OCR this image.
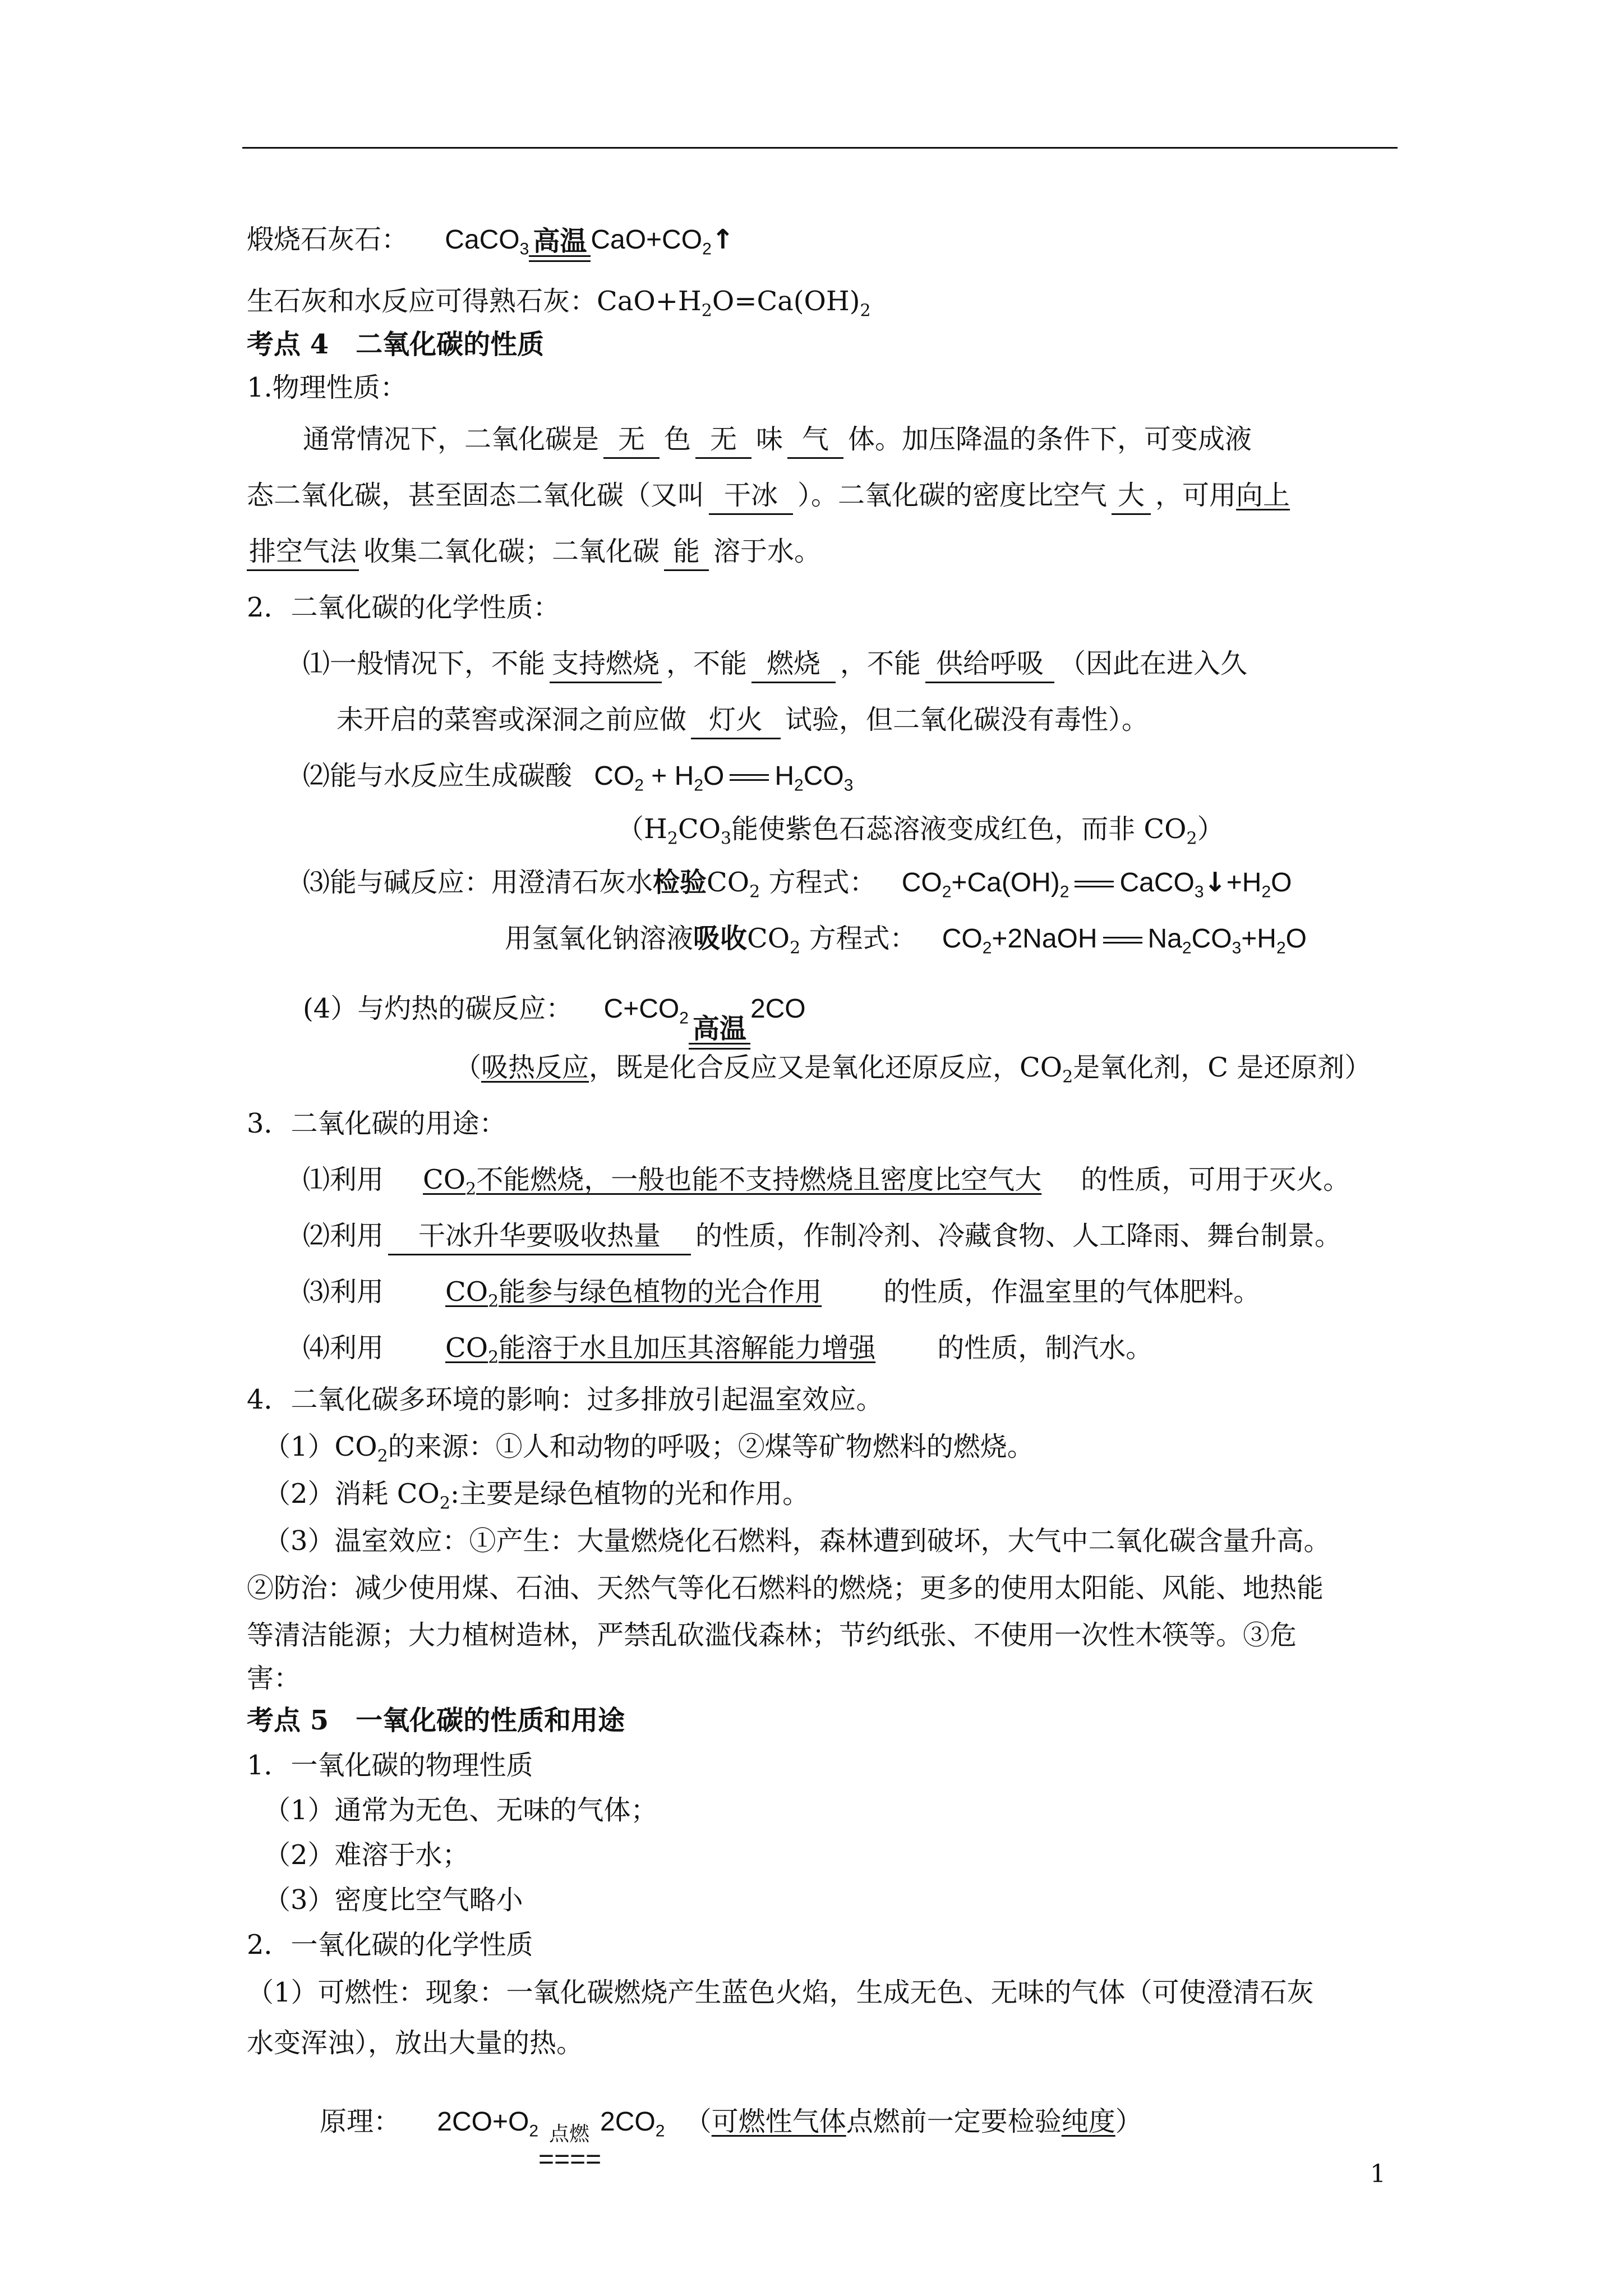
煅烧石灰石： CaCO$_3$ 高温 $CaO+CO_2↑$
生石灰和水反应可得熟石灰：$CaO+H_2O=Ca(OH)_2$
考点 4　二氧化碳的性质
1.物理性质：
通常情况下，二氧化碳是 无 色 无 味 气 体。加压降温的条件下，可变成液
态二氧化碳，甚至固态二氧化碳（又叫 干冰 ）。二氧化碳的密度比空气 大 ，可用向上
排空气法 收集二氧化碳；二氧化碳 能 溶于水。
2．二氧化碳的化学性质：
⑴一般情况下，不能 支持燃烧 ，不能 燃烧 ，不能 供给呼吸 （因此在进入久
未开启的菜窖或深洞之前应做 灯火 试验，但二氧化碳没有毒性）。
⑵能与水反应生成碳酸 $CO_2 + H_2O$ $H_2CO_3$
（$H_2CO_3$能使紫色石蕊溶液变成红色，而非 $CO_2$）
⑶能与碱反应：用澄清石灰水检验$CO_2$ 方程式： $CO_2+Ca(OH)_2$ $CaCO_3↓+H_2O$
用氢氧化钠溶液吸收$CO_2$ 方程式： $CO_2+2NaOH$ $Na_2CO_3+H_2O$
(4）与灼热的碳反应： $C+CO_2$ 高温
2CO
（吸热反应，既是化合反应又是氧化还原反应，$CO_2$是氧化剂，C 是还原剂）
3．二氧化碳的用途：
⑴利用 $CO_2$不能燃烧，一般也能不支持燃烧且密度比空气大 的性质，可用于灭火。
⑵利用 干冰升华要吸收热量 的性质，作制冷剂、冷藏食物、人工降雨、舞台制景。
⑶利用 $CO_2$能参与绿色植物的光合作用 的性质，作温室里的气体肥料。
⑷利用 $CO_2$能溶于水且加压其溶解能力增强 的性质，制汽水。
4．二氧化碳多环境的影响：过多排放引起温室效应。
$(1)CO_2$的来源：①人和动物的呼吸；②煤等矿物燃料的燃烧。
（2）消耗 $CO_2$:主要是绿色植物的光和作用。
（3）温室效应：①产生：大量燃烧化石燃料，森林遭到破坏，大气中二氧化碳含量升高。
②防治：减少使用煤、石油、天然气等化石燃料的燃烧；更多的使用太阳能、风能、地热能
等清洁能源；大力植树造林，严禁乱砍滥伐森林；节约纸张、不使用一次性木筷等。③危
害：
考点 5　一氧化碳的性质和用途
1．一氧化碳的物理性质
（1）通常为无色、无味的气体；
（2）难溶于水；
（3）密度比空气略小
2．一氧化碳的化学性质
（1）可燃性：现象：一氧化碳燃烧产生蓝色火焰，生成无色、无味的气体（可使澄清石灰
水变浑浊），放出大量的热。
原理： $2CO+O_2$ 点燃
====
$2CO_2$ （可燃性气体点燃前一定要检验纯度）
1
